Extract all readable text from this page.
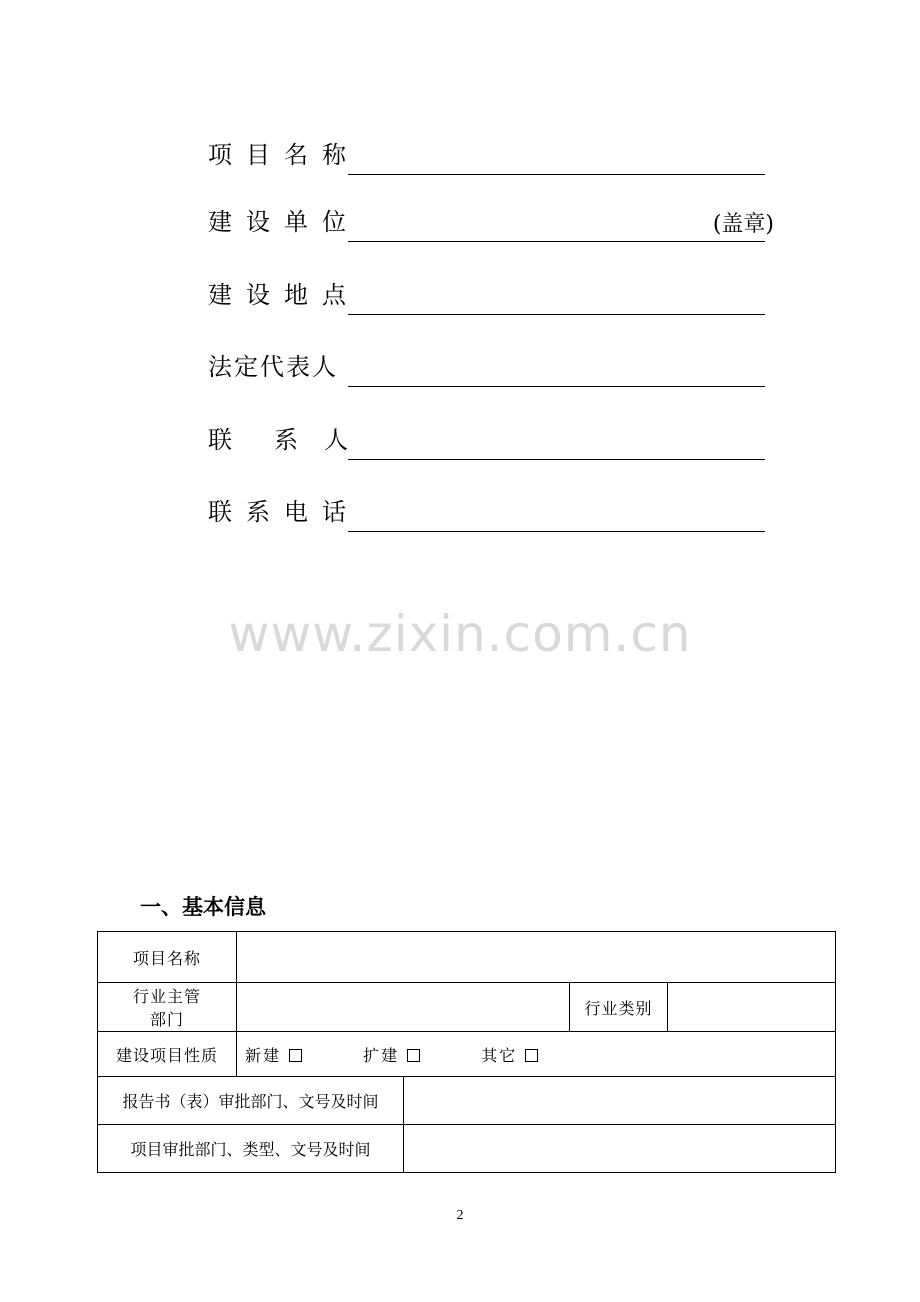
项目名称
建设单位	(盖章)
建设地点
法定代表人
联 系 人
联系电话
www.zixin.com.cn
一、基本信息
项目名称				

行业主管
部门			行业类别	
建设项目性质	新建 扩建 其它			
报告书（表）审批部门、文号及时间				
项目审批部门、类型、文号及时间				
2
